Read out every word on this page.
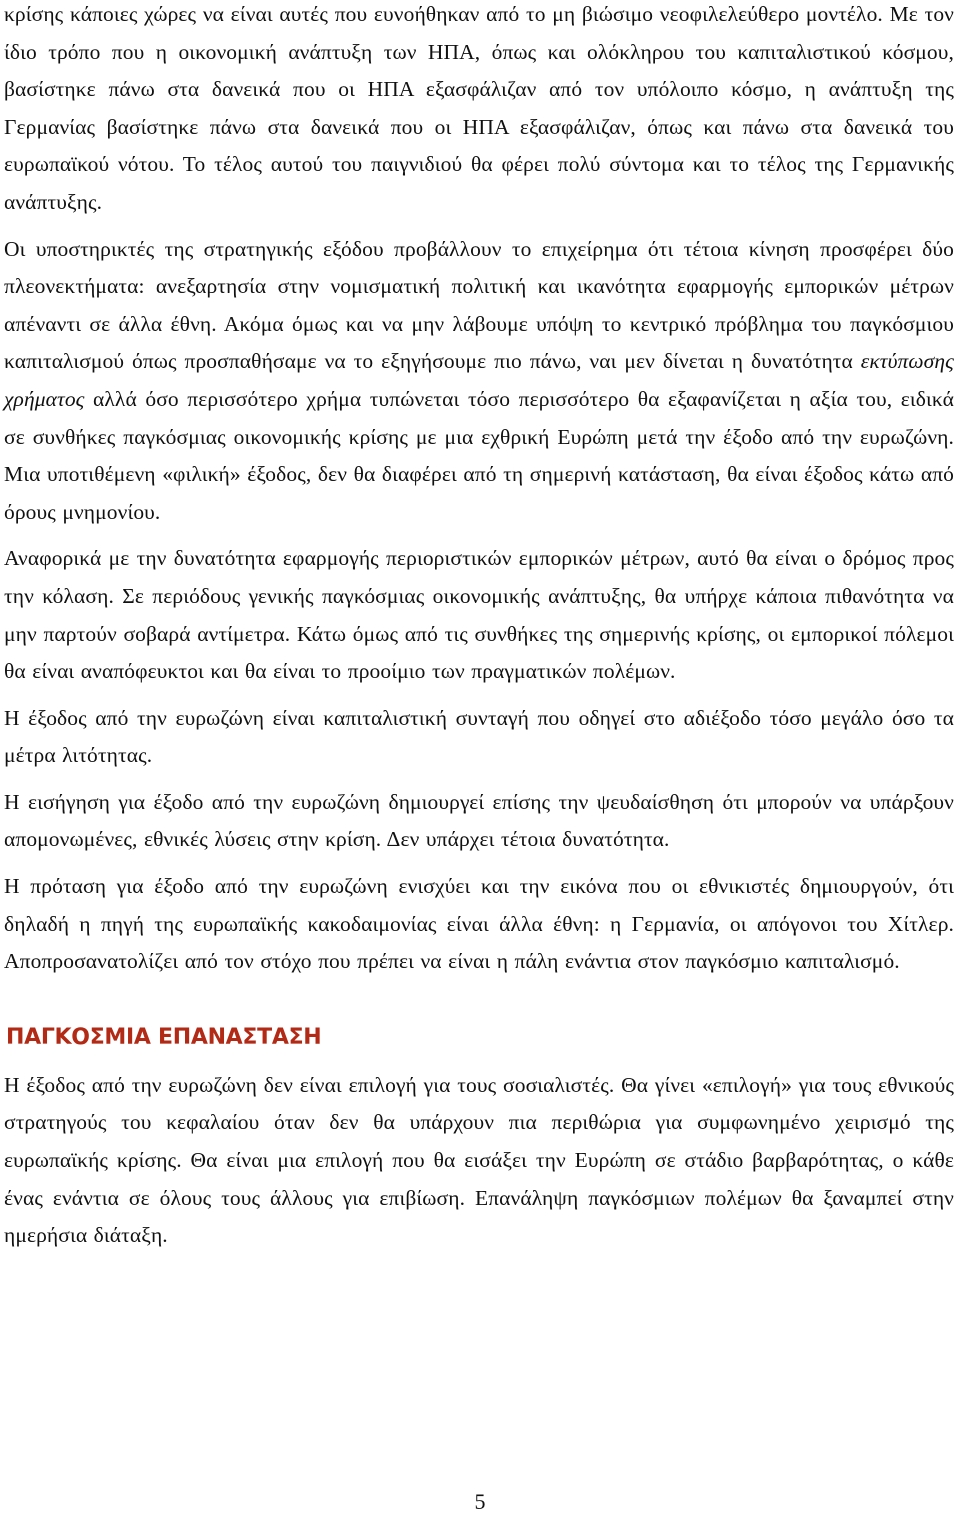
κρίσης κάποιες χώρες να είναι αυτές που ευνοήθηκαν από το μη βιώσιμο νεοφιλελεύθερο μοντέλο. Με τον ίδιο τρόπο που η οικονομική ανάπτυξη των ΗΠΑ, όπως και ολόκληρου του καπιταλιστικού κόσμου, βασίστηκε πάνω στα δανεικά που οι ΗΠΑ εξασφάλιζαν από τον υπόλοιπο κόσμο, η ανάπτυξη της Γερμανίας βασίστηκε πάνω στα δανεικά που οι ΗΠΑ εξασφάλιζαν, όπως και πάνω στα δανεικά του ευρωπαϊκού νότου. Το τέλος αυτού του παιγνιδιού θα φέρει πολύ σύντομα και το τέλος της Γερμανικής ανάπτυξης.

Οι υποστηρικτές της στρατηγικής εξόδου προβάλλουν το επιχείρημα ότι τέτοια κίνηση προσφέρει δύο πλεονεκτήματα: ανεξαρτησία στην νομισματική πολιτική και ικανότητα εφαρμογής εμπορικών μέτρων απέναντι σε άλλα έθνη. Ακόμα όμως και να μην λάβουμε υπόψη το κεντρικό πρόβλημα του παγκόσμιου καπιταλισμού όπως προσπαθήσαμε να το εξηγήσουμε πιο πάνω, ναι μεν δίνεται η δυνατότητα εκτύπωσης χρήματος αλλά όσο περισσότερο χρήμα τυπώνεται τόσο περισσότερο θα εξαφανίζεται η αξία του, ειδικά σε συνθήκες παγκόσμιας οικονομικής κρίσης με μια εχθρική Ευρώπη μετά την έξοδο από την ευρωζώνη. Μια υποτιθέμενη «φιλική» έξοδος, δεν θα διαφέρει από τη σημερινή κατάσταση, θα είναι έξοδος κάτω από όρους μνημονίου.

Αναφορικά με την δυνατότητα εφαρμογής περιοριστικών εμπορικών μέτρων, αυτό θα είναι ο δρόμος προς την κόλαση. Σε περιόδους γενικής παγκόσμιας οικονομικής ανάπτυξης, θα υπήρχε κάποια πιθανότητα να μην παρτούν σοβαρά αντίμετρα. Κάτω όμως από τις συνθήκες της σημερινής κρίσης, οι εμπορικοί πόλεμοι θα είναι αναπόφευκτοι και θα είναι το προοίμιο των πραγματικών πολέμων.

Η έξοδος από την ευρωζώνη είναι καπιταλιστική συνταγή που οδηγεί στο αδιέξοδο τόσο μεγάλο όσο τα μέτρα λιτότητας.

Η εισήγηση για έξοδο από την ευρωζώνη δημιουργεί επίσης την ψευδαίσθηση ότι μπορούν να υπάρξουν απομονωμένες, εθνικές λύσεις στην κρίση. Δεν υπάρχει τέτοια δυνατότητα.

Η πρόταση για έξοδο από την ευρωζώνη ενισχύει και την εικόνα που οι εθνικιστές δημιουργούν, ότι δηλαδή η πηγή της ευρωπαϊκής κακοδαιμονίας είναι άλλα έθνη: η Γερμανία, οι απόγονοι του Χίτλερ. Αποπροσανατολίζει από τον στόχο που πρέπει να είναι η πάλη ενάντια στον παγκόσμιο καπιταλισμό.

ΠΑΓΚΟΣΜΙΑ ΕΠΑΝΑΣΤΑΣΗ

Η έξοδος από την ευρωζώνη δεν είναι επιλογή για τους σοσιαλιστές. Θα γίνει «επιλογή» για τους εθνικούς στρατηγούς του κεφαλαίου όταν δεν θα υπάρχουν πια περιθώρια για συμφωνημένο χειρισμό της ευρωπαϊκής κρίσης. Θα είναι μια επιλογή που θα εισάξει την Ευρώπη σε στάδιο βαρβαρότητας, ο κάθε ένας ενάντια σε όλους τους άλλους για επιβίωση. Επανάληψη παγκόσμιων πολέμων θα ξαναμπεί στην ημερήσια διάταξη.

5
